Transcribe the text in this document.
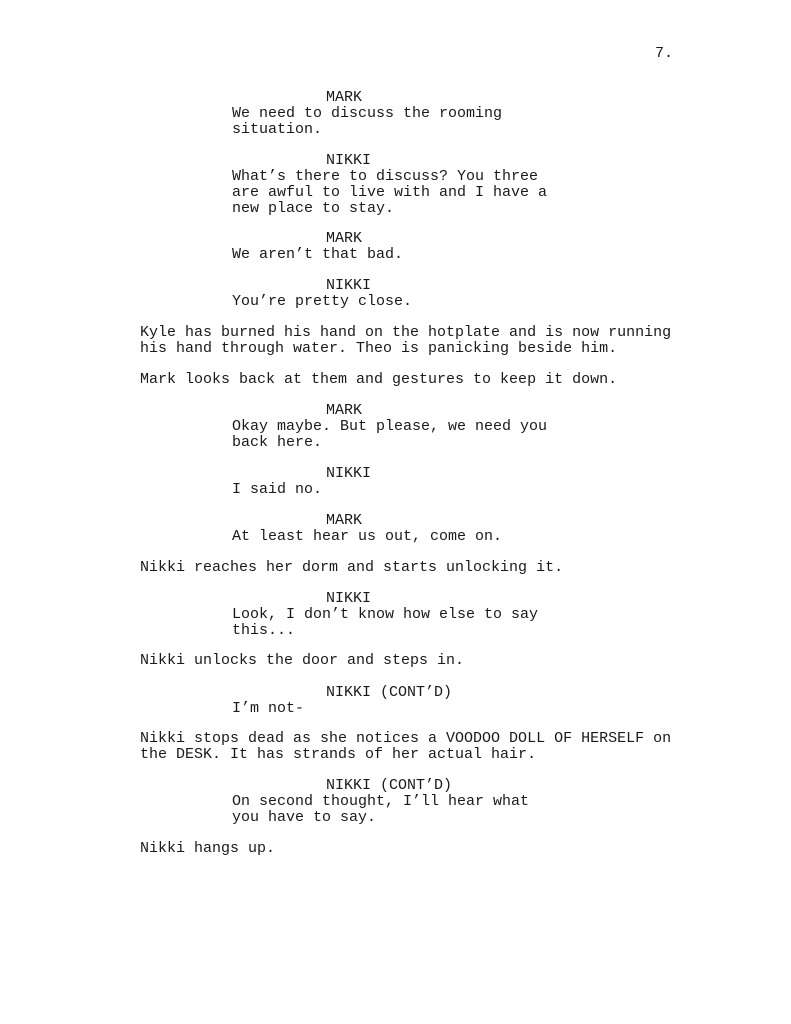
7.

MARK

We need to discuss the rooming
situation.

NIKKI

What’s there to discuss? You three
are awful to live with and I have a
new place to stay.

MARK

We aren’t that bad.

NIKKI

You’re pretty close.

Kyle has burned his hand on the hotplate and is now running
his hand through water. Theo is panicking beside him.

Mark looks back at them and gestures to keep it down.

MARK

Okay maybe. But please, we need you
back here.

NIKKI

I said no.

MARK

At least hear us out, come on.

Nikki reaches her dorm and starts unlocking it.

NIKKI

Look, I don’t know how else to say
this...

Nikki unlocks the door and steps in.

NIKKI (CONT’D)

I’m not-

Nikki stops dead as she notices a VOODOO DOLL OF HERSELF on
the DESK. It has strands of her actual hair.

NIKKI (CONT’D)

On second thought, I’ll hear what
you have to say.

Nikki hangs up.
